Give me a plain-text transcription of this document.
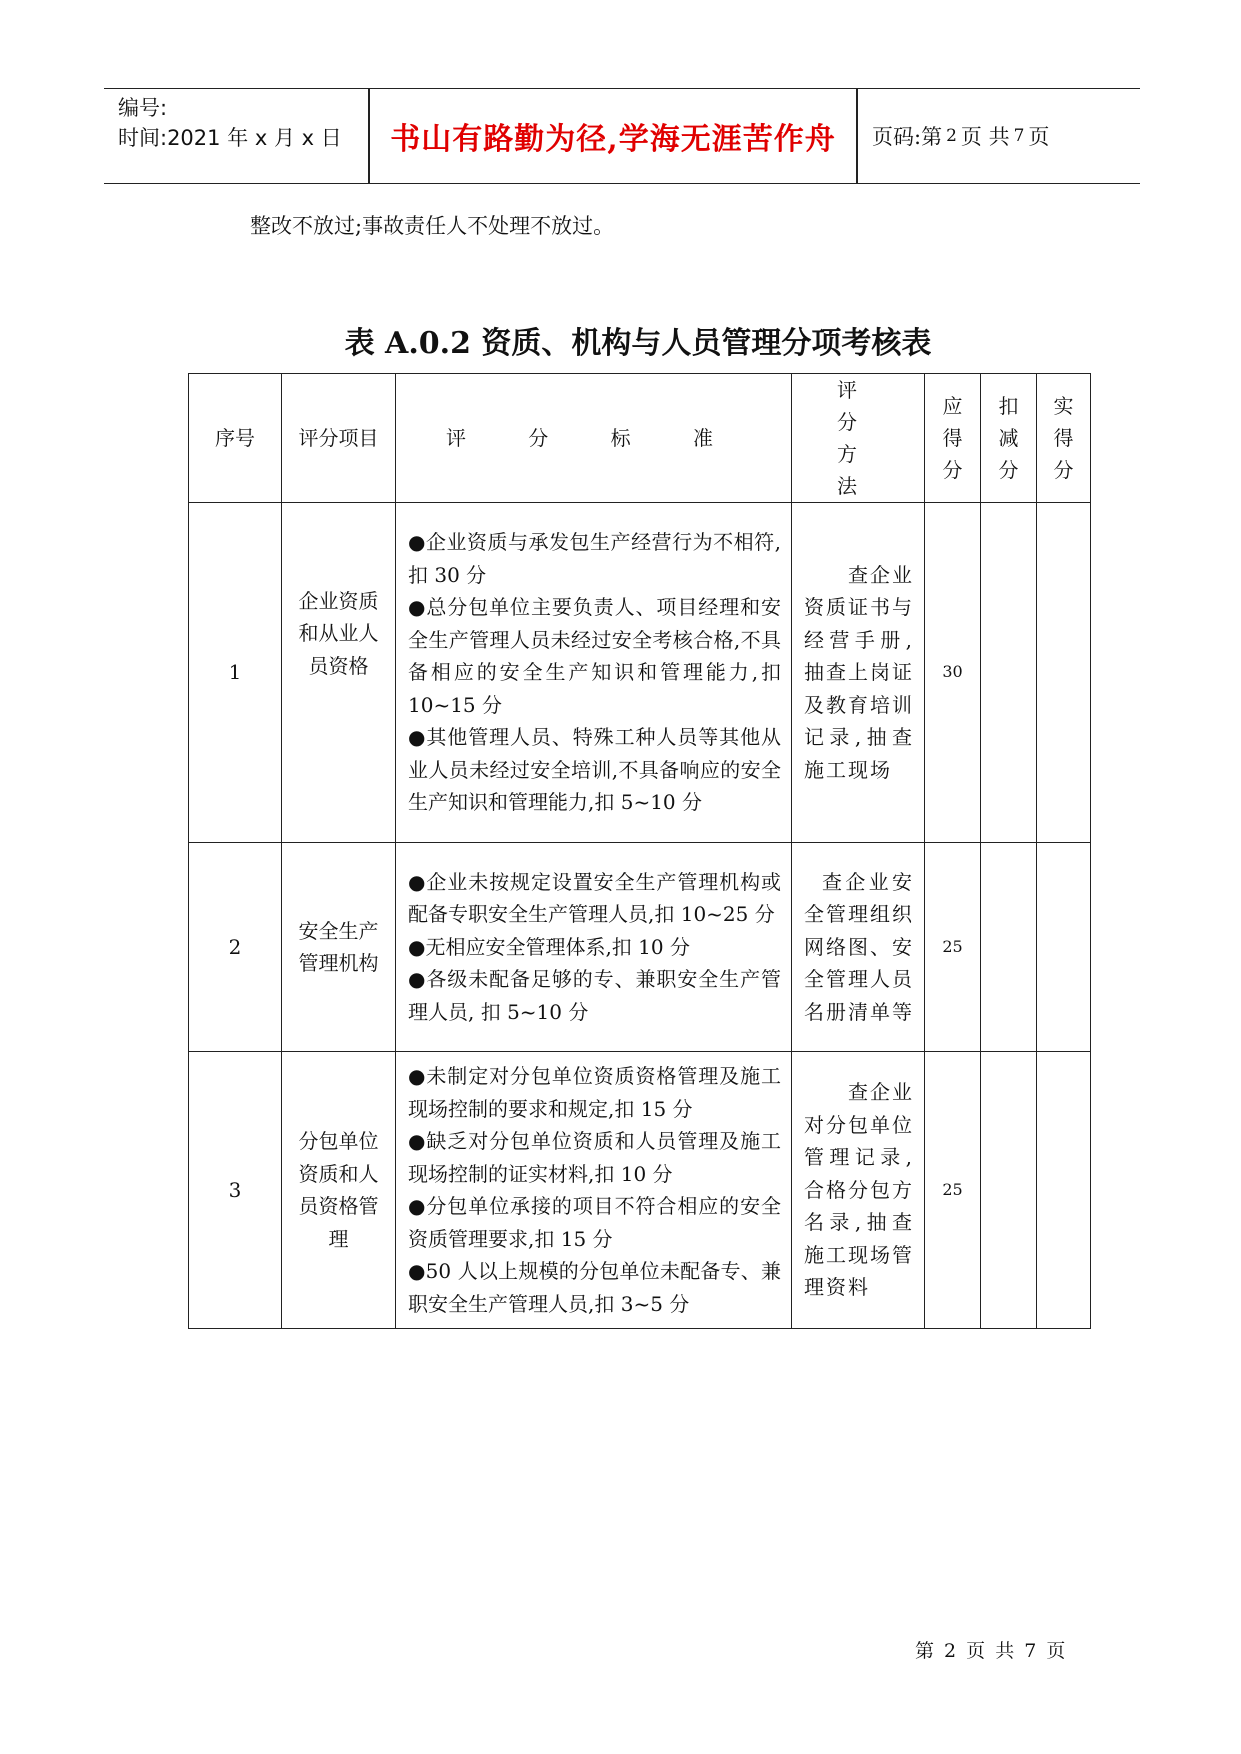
编号:
时间:2021 年 x 月 x 日	书山有路勤为径,学海无涯苦作舟	页码:第 2 页 共 7 页
整改不放过;事故责任人不处理不放过。
表 A.0.2 资质、机构与人员管理分项考核表
序号	评分项目	评 分 标 准	评 分 方 法	应得分	扣减分	实得分

1	企业资质和从业人员资格	●企业资质与承发包生产经营行为不相符,扣 30 分
●总分包单位主要负责人、项目经理和安全生产管理人员未经过安全考核合格,不具备相应的安全生产知识和管理能力,扣 10~15 分
●其他管理人员、特殊工种人员等其他从业人员未经过安全培训,不具备响应的安全生产知识和管理能力,扣 5~10 分	查企业资质证书与经营手册,抽查上岗证及教育培训记录,抽查施工现场	30		
2	安全生产管理机构	●企业未按规定设置安全生产管理机构或配备专职安全生产管理人员,扣 10~25 分
●无相应安全管理体系,扣 10 分
●各级未配备足够的专、兼职安全生产管理人员, 扣 5~10 分	查企业安全管理组织网络图、安全管理人员名册清单等	25		
3	分包单位资质和人员资格管理	●未制定对分包单位资质资格管理及施工现场控制的要求和规定,扣 15 分
●缺乏对分包单位资质和人员管理及施工现场控制的证实材料,扣 10 分
●分包单位承接的项目不符合相应的安全资质管理要求,扣 15 分
●50 人以上规模的分包单位未配备专、兼职安全生产管理人员,扣 3~5 分	查企业对分包单位管理记录,合格分包方名录,抽查施工现场管理资料	25		
第 2 页 共 7 页
